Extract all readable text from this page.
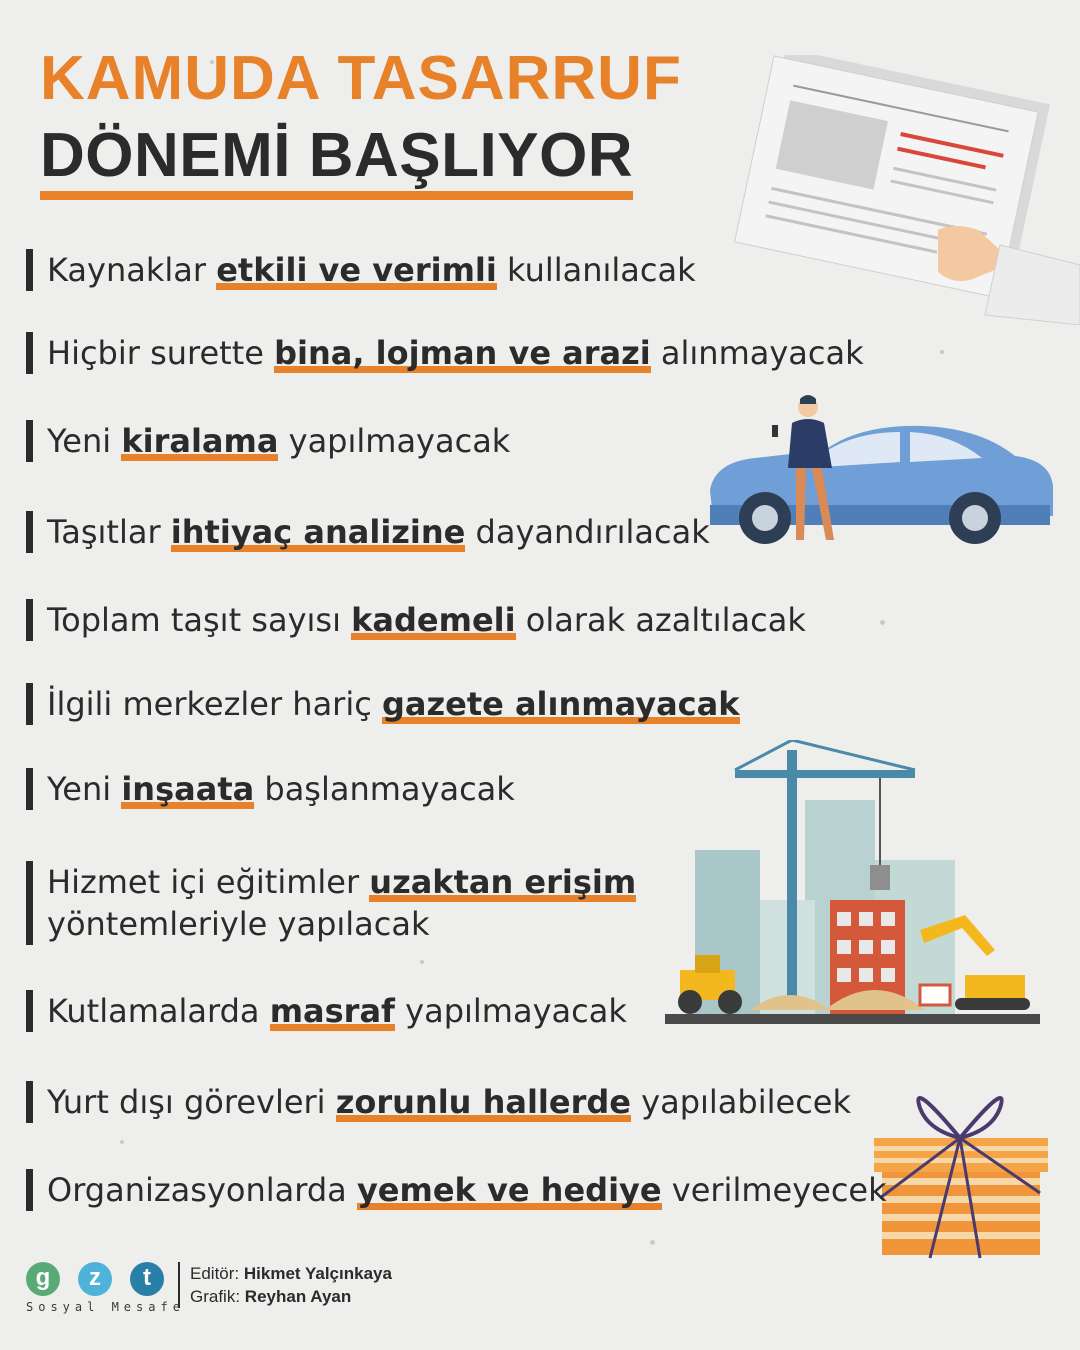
KAMUDA TASARRUF
DÖNEMİ BAŞLIYOR
Kaynaklar etkili ve verimli kullanılacak
Hiçbir surette bina, lojman ve arazi alınmayacak
Yeni kiralama yapılmayacak
Taşıtlar ihtiyaç analizine dayandırılacak
Toplam taşıt sayısı kademeli olarak azaltılacak
İlgili merkezler hariç gazete alınmayacak
Yeni inşaata başlanmayacak
Hizmet içi eğitimler uzaktan erişim
yöntemleriyle yapılacak
Kutlamalarda masraf yapılmayacak
Yurt dışı görevleri zorunlu hallerde yapılabilecek
Organizasyonlarda yemek ve hediye verilmeyecek
g	z	t
Sosyal Mesafe
Editör: Hikmet Yalçınkaya
Grafik: Reyhan Ayan
